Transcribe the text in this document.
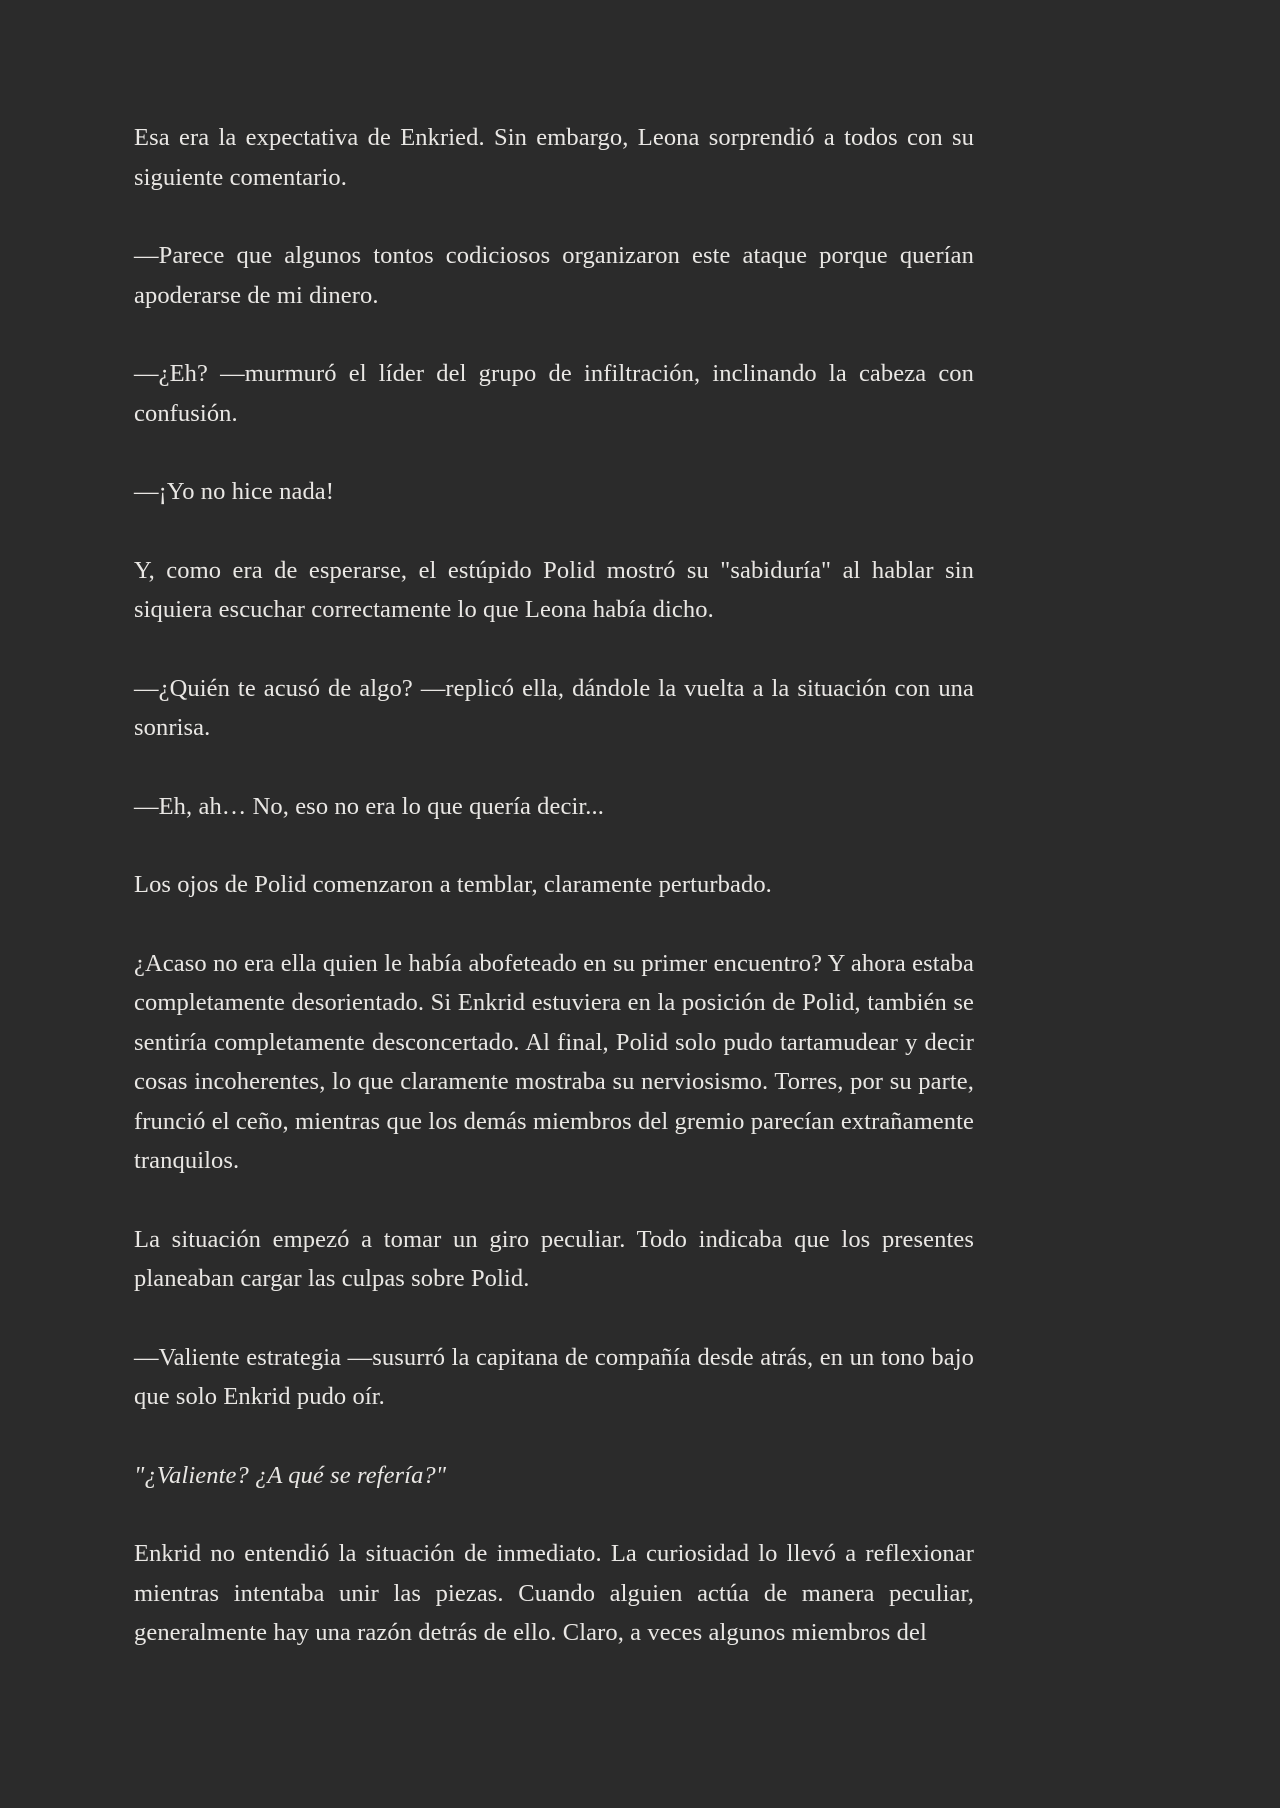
Esa era la expectativa de Enkried. Sin embargo, Leona sorprendió a todos con su siguiente comentario.

—Parece que algunos tontos codiciosos organizaron este ataque porque querían apoderarse de mi dinero.

—¿Eh? —murmuró el líder del grupo de infiltración, inclinando la cabeza con confusión.

—¡Yo no hice nada!

Y, como era de esperarse, el estúpido Polid mostró su "sabiduría" al hablar sin siquiera escuchar correctamente lo que Leona había dicho.

—¿Quién te acusó de algo? —replicó ella, dándole la vuelta a la situación con una sonrisa.

—Eh, ah… No, eso no era lo que quería decir...

Los ojos de Polid comenzaron a temblar, claramente perturbado.

¿Acaso no era ella quien le había abofeteado en su primer encuentro? Y ahora estaba completamente desorientado. Si Enkrid estuviera en la posición de Polid, también se sentiría completamente desconcertado. Al final, Polid solo pudo tartamudear y decir cosas incoherentes, lo que claramente mostraba su nerviosismo. Torres, por su parte, frunció el ceño, mientras que los demás miembros del gremio parecían extrañamente tranquilos.

La situación empezó a tomar un giro peculiar. Todo indicaba que los presentes planeaban cargar las culpas sobre Polid.

—Valiente estrategia —susurró la capitana de compañía desde atrás, en un tono bajo que solo Enkrid pudo oír.

"¿Valiente? ¿A qué se refería?"

Enkrid no entendió la situación de inmediato. La curiosidad lo llevó a reflexionar mientras intentaba unir las piezas. Cuando alguien actúa de manera peculiar, generalmente hay una razón detrás de ello. Claro, a veces algunos miembros del
